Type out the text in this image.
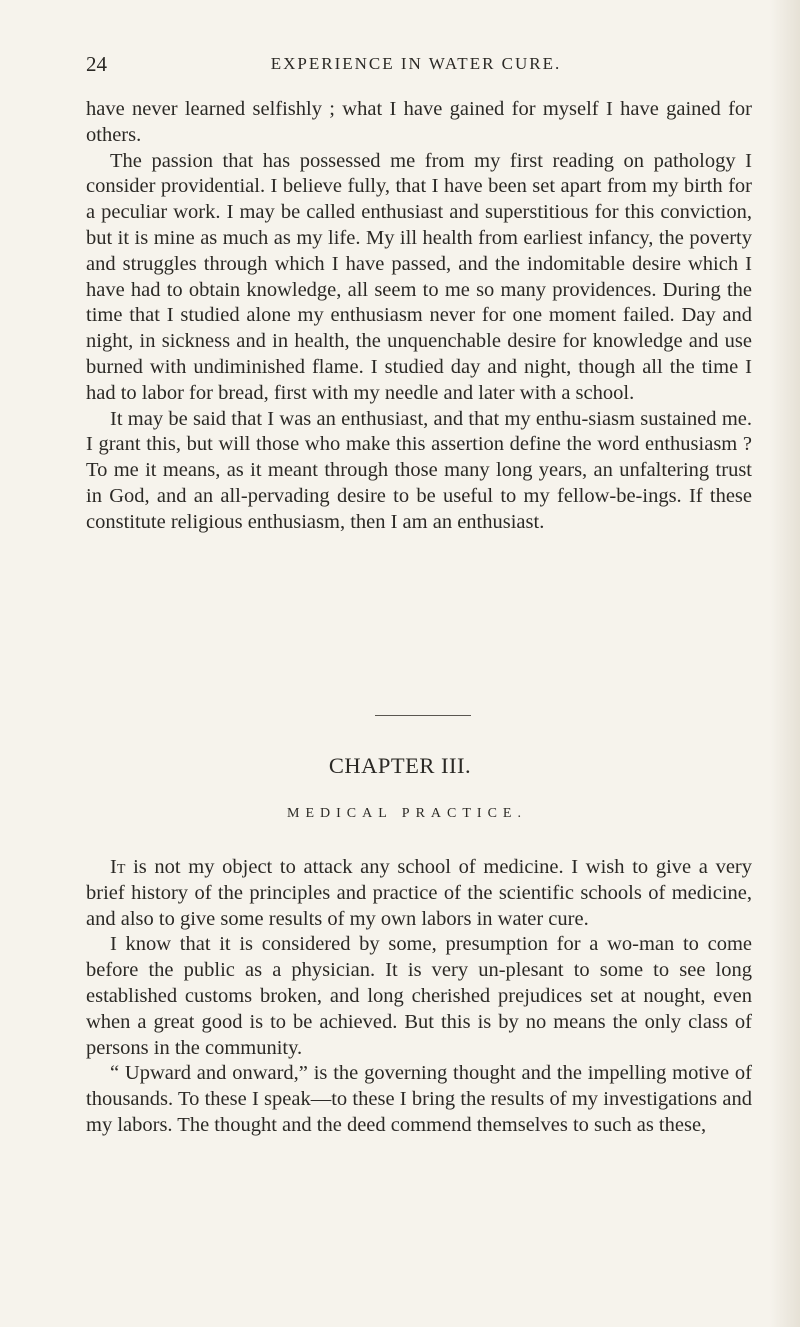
24	EXPERIENCE IN WATER CURE.

have never learned selfishly ; what I have gained for myself I have gained for others.

The passion that has possessed me from my first reading on pathology I consider providential. I believe fully, that I have been set apart from my birth for a peculiar work. I may be called enthusiast and superstitious for this conviction, but it is mine as much as my life. My ill health from earliest infancy, the poverty and struggles through which I have passed, and the indomitable desire which I have had to obtain knowledge, all seem to me so many providences. During the time that I studied alone my enthusiasm never for one moment failed. Day and night, in sickness and in health, the unquenchable desire for knowledge and use burned with undiminished flame. I studied day and night, though all the time I had to labor for bread, first with my needle and later with a school.

It may be said that I was an enthusiast, and that my enthu-siasm sustained me. I grant this, but will those who make this assertion define the word enthusiasm ? To me it means, as it meant through those many long years, an unfaltering trust in God, and an all-pervading desire to be useful to my fellow-be-ings. If these constitute religious enthusiasm, then I am an enthusiast.

CHAPTER III.
MEDICAL PRACTICE.

It is not my object to attack any school of medicine. I wish to give a very brief history of the principles and practice of the scientific schools of medicine, and also to give some results of my own labors in water cure.

I know that it is considered by some, presumption for a wo-man to come before the public as a physician. It is very un-plesant to some to see long established customs broken, and long cherished prejudices set at nought, even when a great good is to be achieved. But this is by no means the only class of persons in the community.

“ Upward and onward,” is the governing thought and the impelling motive of thousands. To these I speak—to these I bring the results of my investigations and my labors. The thought and the deed commend themselves to such as these,
